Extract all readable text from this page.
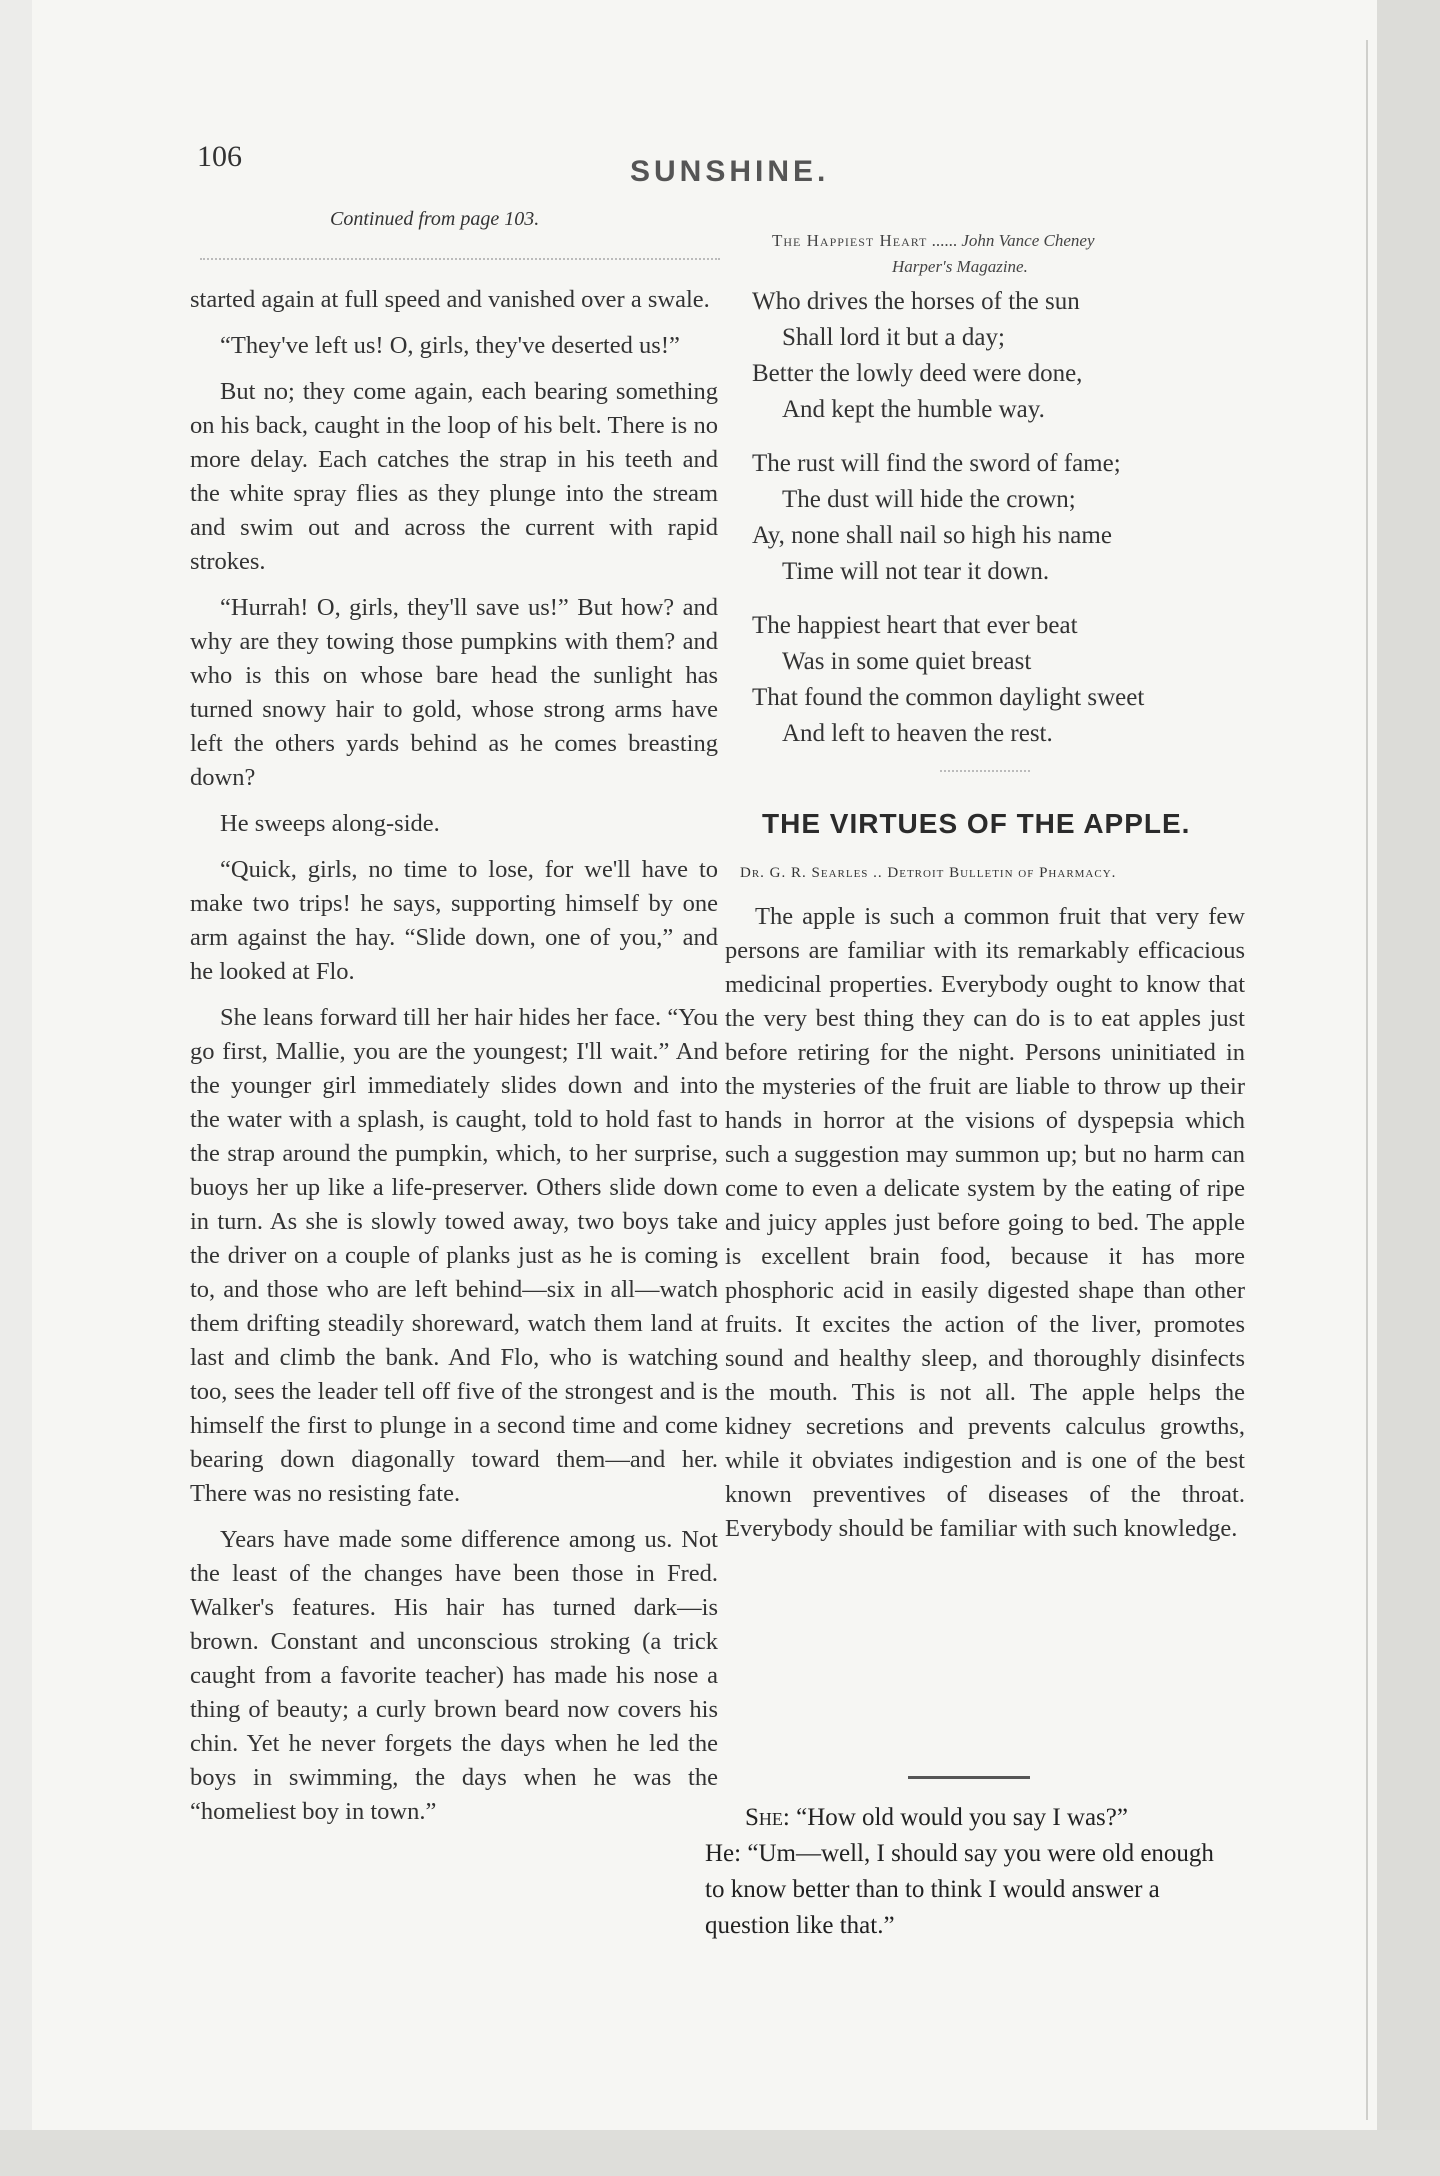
106	SUNSHINE.
Continued from page 103.

started again at full speed and vanished over a swale.

“They've left us! O, girls, they've deserted us!”

But no; they come again, each bearing something on his back, caught in the loop of his belt. There is no more delay. Each catches the strap in his teeth and the white spray flies as they plunge into the stream and swim out and across the current with rapid strokes.

“Hurrah! O, girls, they'll save us!” But how? and why are they towing those pumpkins with them? and who is this on whose bare head the sunlight has turned snowy hair to gold, whose strong arms have left the others yards behind as he comes breasting down?

He sweeps along-side.

“Quick, girls, no time to lose, for we'll have to make two trips! he says, supporting himself by one arm against the hay. “Slide down, one of you,” and he looked at Flo.

She leans forward till her hair hides her face. “You go first, Mallie, you are the youngest; I'll wait.” And the younger girl immediately slides down and into the water with a splash, is caught, told to hold fast to the strap around the pumpkin, which, to her surprise, buoys her up like a life-preserver. Others slide down in turn. As she is slowly towed away, two boys take the driver on a couple of planks just as he is coming to, and those who are left behind—six in all—watch them drifting steadily shoreward, watch them land at last and climb the bank. And Flo, who is watching too, sees the leader tell off five of the strongest and is himself the first to plunge in a second time and come bearing down diagonally toward them—and her. There was no resisting fate.

Years have made some difference among us. Not the least of the changes have been those in Fred. Walker's features. His hair has turned dark—is brown. Constant and unconscious stroking (a trick caught from a favorite teacher) has made his nose a thing of beauty; a curly brown beard now covers his chin. Yet he never forgets the days when he led the boys in swimming, the days when he was the “homeliest boy in town.”

The Happiest Heart ...... John Vance Cheney
Harper's Magazine.
Who drives the horses of the sun
Shall lord it but a day;
Better the lowly deed were done,
And kept the humble way.
The rust will find the sword of fame;
The dust will hide the crown;
Ay, none shall nail so high his name
Time will not tear it down.
The happiest heart that ever beat
Was in some quiet breast
That found the common daylight sweet
And left to heaven the rest.
THE VIRTUES OF THE APPLE.
Dr. G. R. Searles .. Detroit Bulletin of Pharmacy.

The apple is such a common fruit that very few persons are familiar with its remarkably efficacious medicinal properties. Everybody ought to know that the very best thing they can do is to eat apples just before retiring for the night. Persons uninitiated in the mysteries of the fruit are liable to throw up their hands in horror at the visions of dyspepsia which such a suggestion may summon up; but no harm can come to even a delicate system by the eating of ripe and juicy apples just before going to bed. The apple is excellent brain food, because it has more phosphoric acid in easily digested shape than other fruits. It excites the action of the liver, promotes sound and healthy sleep, and thoroughly disinfects the mouth. This is not all. The apple helps the kidney secretions and prevents calculus growths, while it obviates indigestion and is one of the best known preventives of diseases of the throat. Everybody should be familiar with such knowledge.

She: “How old would you say I was?”

He: “Um—well, I should say you were old enough to know better than to think I would answer a question like that.”
